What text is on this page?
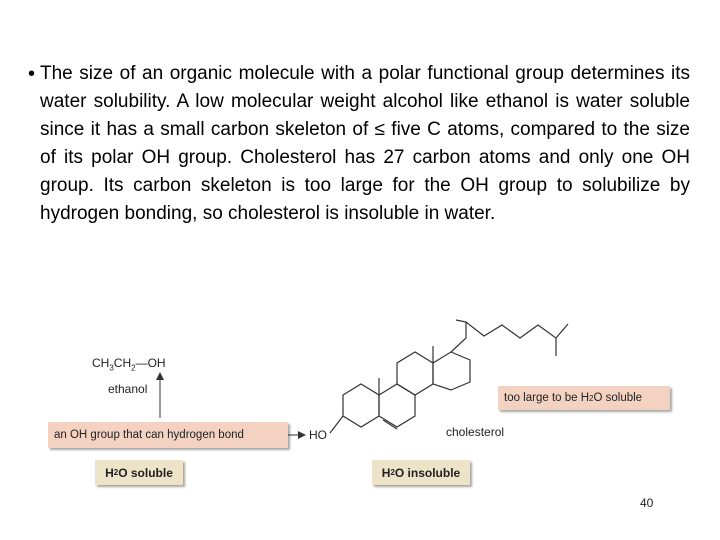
• The size of an organic molecule with a polar functional group determines its water solubility. A low molecular weight alcohol like ethanol is water soluble since it has a small carbon skeleton of ≤ five C atoms, compared to the size of its polar OH group. Cholesterol has 27 carbon atoms and only one OH group. Its carbon skeleton is too large for the OH group to solubilize by hydrogen bonding, so cholesterol is insoluble in water.
$CH_3CH_2—OH$
ethanol
an OH group that can hydrogen bond	HO	cholesterol
too large to be H 2 O soluble
H 2 O soluble	H 2 O insoluble
40
